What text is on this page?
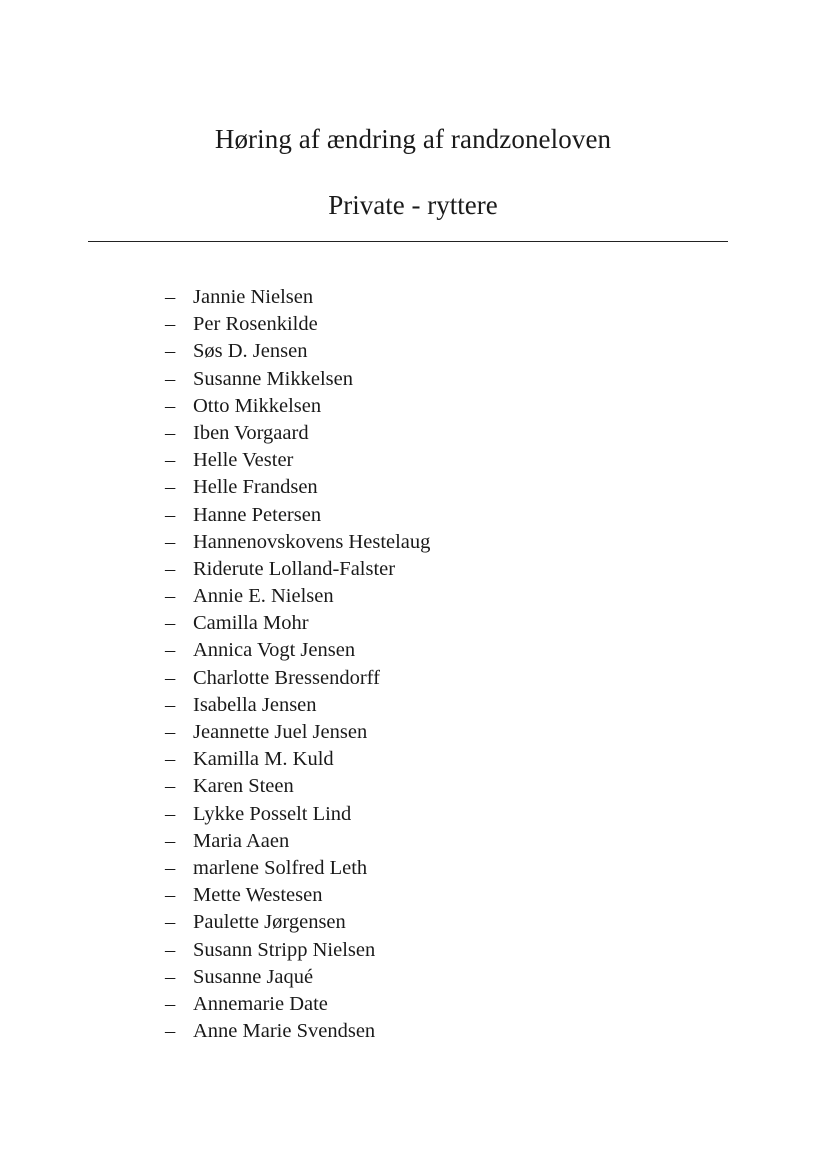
Høring af ændring af randzoneloven
Private - ryttere
– Jannie Nielsen
– Per Rosenkilde
– Søs D. Jensen
– Susanne Mikkelsen
– Otto Mikkelsen
– Iben Vorgaard
– Helle Vester
– Helle Frandsen
– Hanne Petersen
– Hannenovskovens Hestelaug
– Riderute Lolland-Falster
– Annie E. Nielsen
– Camilla Mohr
– Annica Vogt Jensen
– Charlotte Bressendorff
– Isabella Jensen
– Jeannette Juel Jensen
– Kamilla M. Kuld
– Karen Steen
– Lykke Posselt Lind
– Maria Aaen
– marlene Solfred Leth
– Mette Westesen
– Paulette Jørgensen
– Susann Stripp Nielsen
– Susanne Jaqué
– Annemarie Date
– Anne Marie Svendsen
